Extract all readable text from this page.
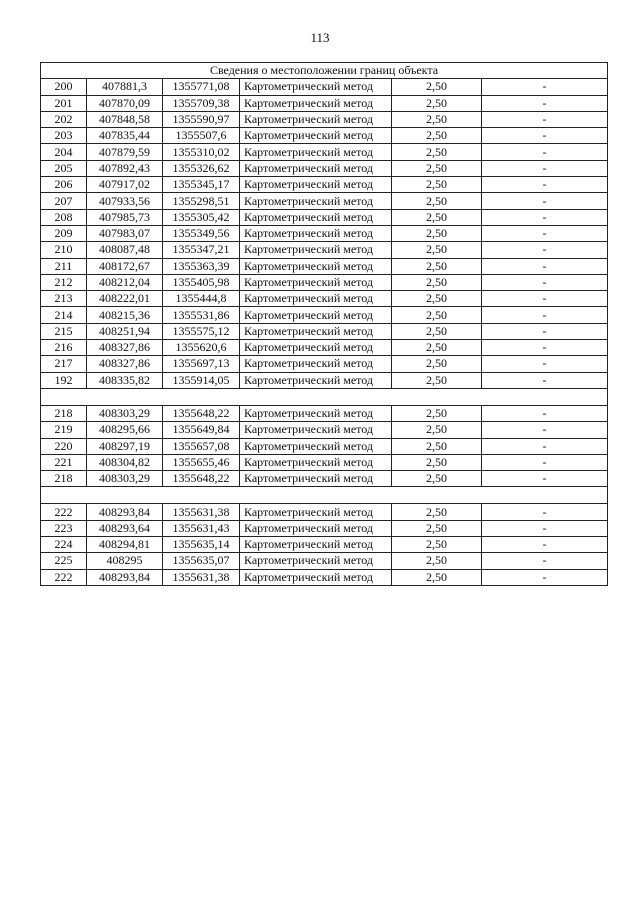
113
Сведения о местоположении границ объекта					
200	407881,3	1355771,08	Картометрический метод	2,50	-
201	407870,09	1355709,38	Картометрический метод	2,50	-
202	407848,58	1355590,97	Картометрический метод	2,50	-
203	407835,44	1355507,6	Картометрический метод	2,50	-
204	407879,59	1355310,02	Картометрический метод	2,50	-
205	407892,43	1355326,62	Картометрический метод	2,50	-
206	407917,02	1355345,17	Картометрический метод	2,50	-
207	407933,56	1355298,51	Картометрический метод	2,50	-
208	407985,73	1355305,42	Картометрический метод	2,50	-
209	407983,07	1355349,56	Картометрический метод	2,50	-
210	408087,48	1355347,21	Картометрический метод	2,50	-
211	408172,67	1355363,39	Картометрический метод	2,50	-
212	408212,04	1355405,98	Картометрический метод	2,50	-
213	408222,01	1355444,8	Картометрический метод	2,50	-
214	408215,36	1355531,86	Картометрический метод	2,50	-
215	408251,94	1355575,12	Картометрический метод	2,50	-
216	408327,86	1355620,6	Картометрический метод	2,50	-
217	408327,86	1355697,13	Картометрический метод	2,50	-
192	408335,82	1355914,05	Картометрический метод	2,50	-

218	408303,29	1355648,22	Картометрический метод	2,50	-
219	408295,66	1355649,84	Картометрический метод	2,50	-
220	408297,19	1355657,08	Картометрический метод	2,50	-
221	408304,82	1355655,46	Картометрический метод	2,50	-
218	408303,29	1355648,22	Картометрический метод	2,50	-

222	408293,84	1355631,38	Картометрический метод	2,50	-
223	408293,64	1355631,43	Картометрический метод	2,50	-
224	408294,81	1355635,14	Картометрический метод	2,50	-
225	408295	1355635,07	Картометрический метод	2,50	-
222	408293,84	1355631,38	Картометрический метод	2,50	-
